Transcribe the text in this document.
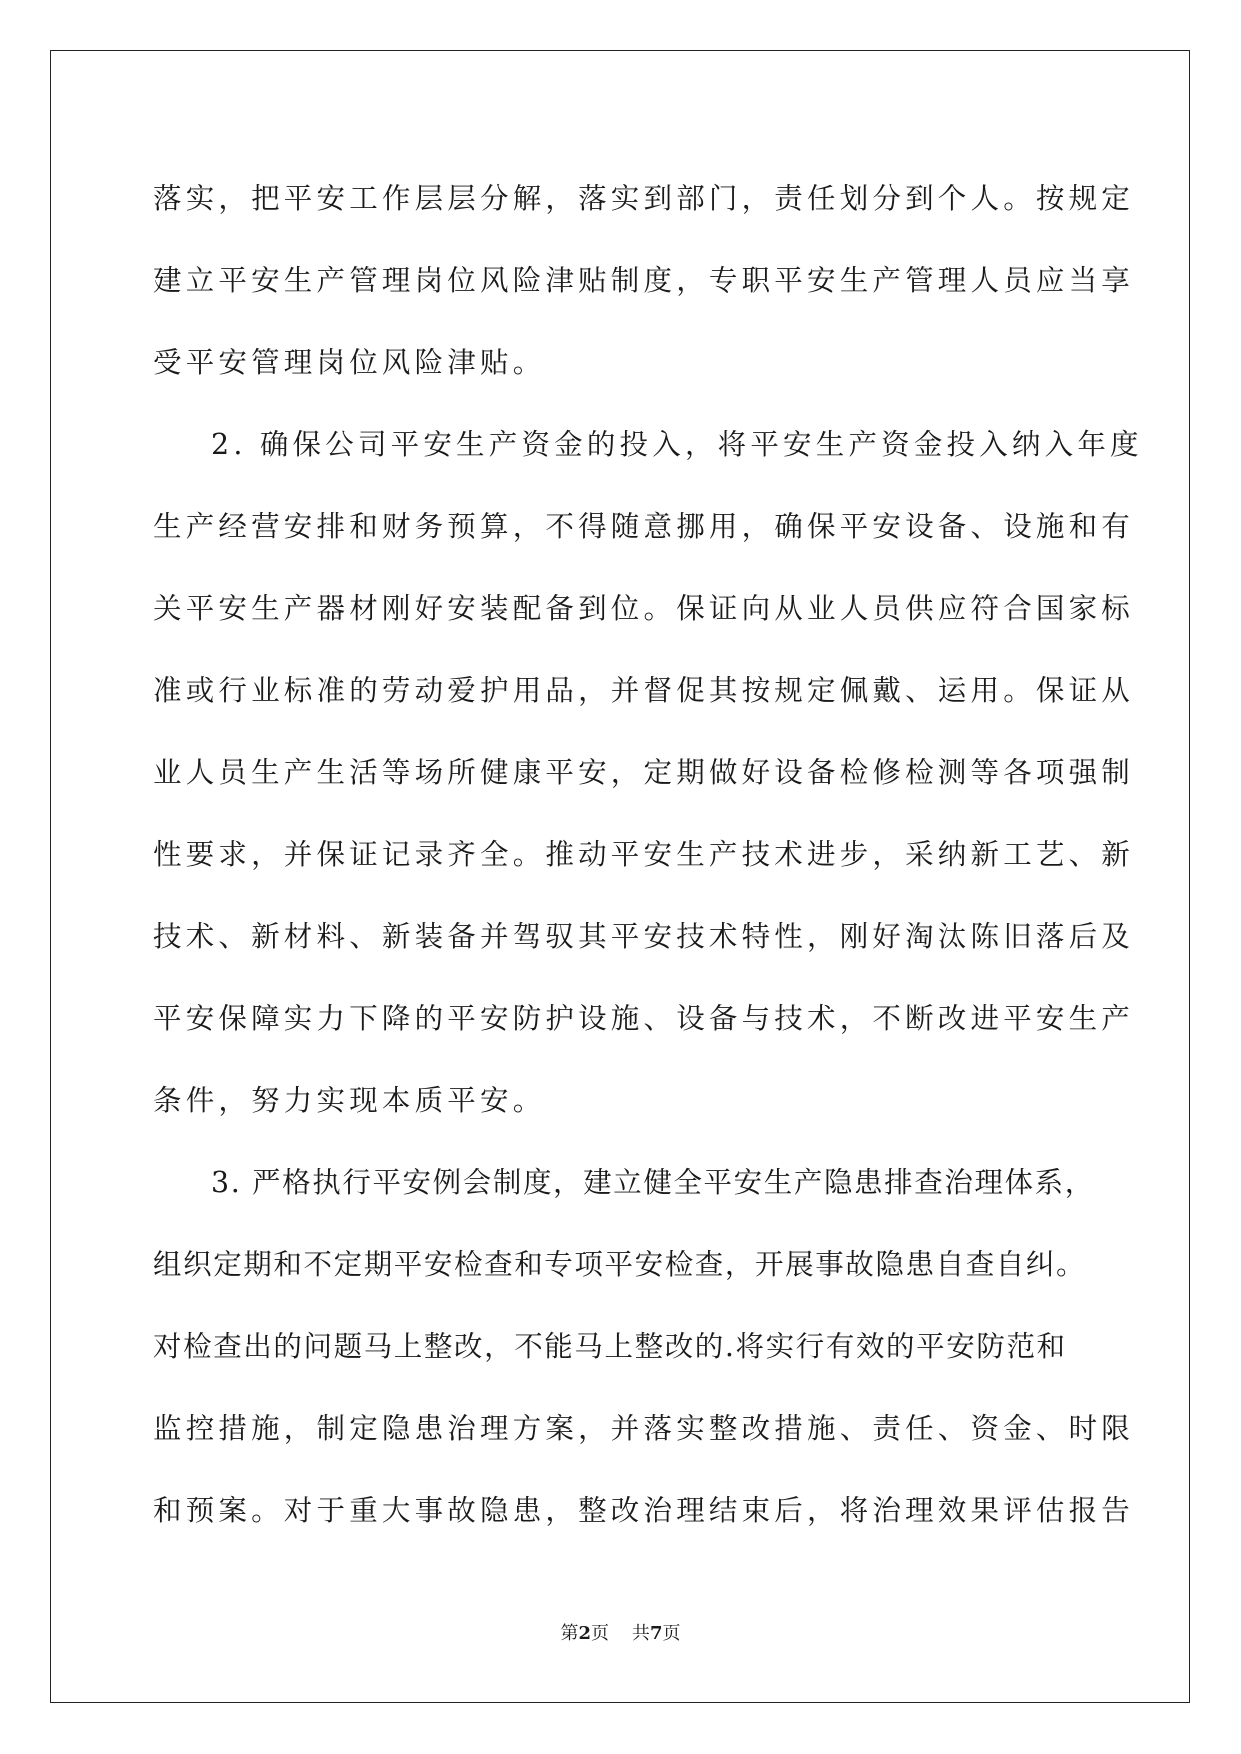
落实，把平安工作层层分解，落实到部门，责任划分到个人。按规定
建立平安生产管理岗位风险津贴制度，专职平安生产管理人员应当享
受平安管理岗位风险津贴。
2. 确保公司平安生产资金的投入，将平安生产资金投入纳入年度
生产经营安排和财务预算，不得随意挪用，确保平安设备、设施和有
关平安生产器材刚好安装配备到位。保证向从业人员供应符合国家标
准或行业标准的劳动爱护用品，并督促其按规定佩戴、运用。保证从
业人员生产生活等场所健康平安，定期做好设备检修检测等各项强制
性要求，并保证记录齐全。推动平安生产技术进步，采纳新工艺、新
技术、新材料、新装备并驾驭其平安技术特性，刚好淘汰陈旧落后及
平安保障实力下降的平安防护设施、设备与技术，不断改进平安生产
条件，努力实现本质平安。
3. 严格执行平安例会制度，建立健全平安生产隐患排查治理体系，
组织定期和不定期平安检查和专项平安检查，开展事故隐患自查自纠。
对检查出的问题马上整改，不能马上整改的.将实行有效的平安防范和
监控措施，制定隐患治理方案，并落实整改措施、责任、资金、时限
和预案。对于重大事故隐患，整改治理结束后，将治理效果评估报告
第2页    共7页
